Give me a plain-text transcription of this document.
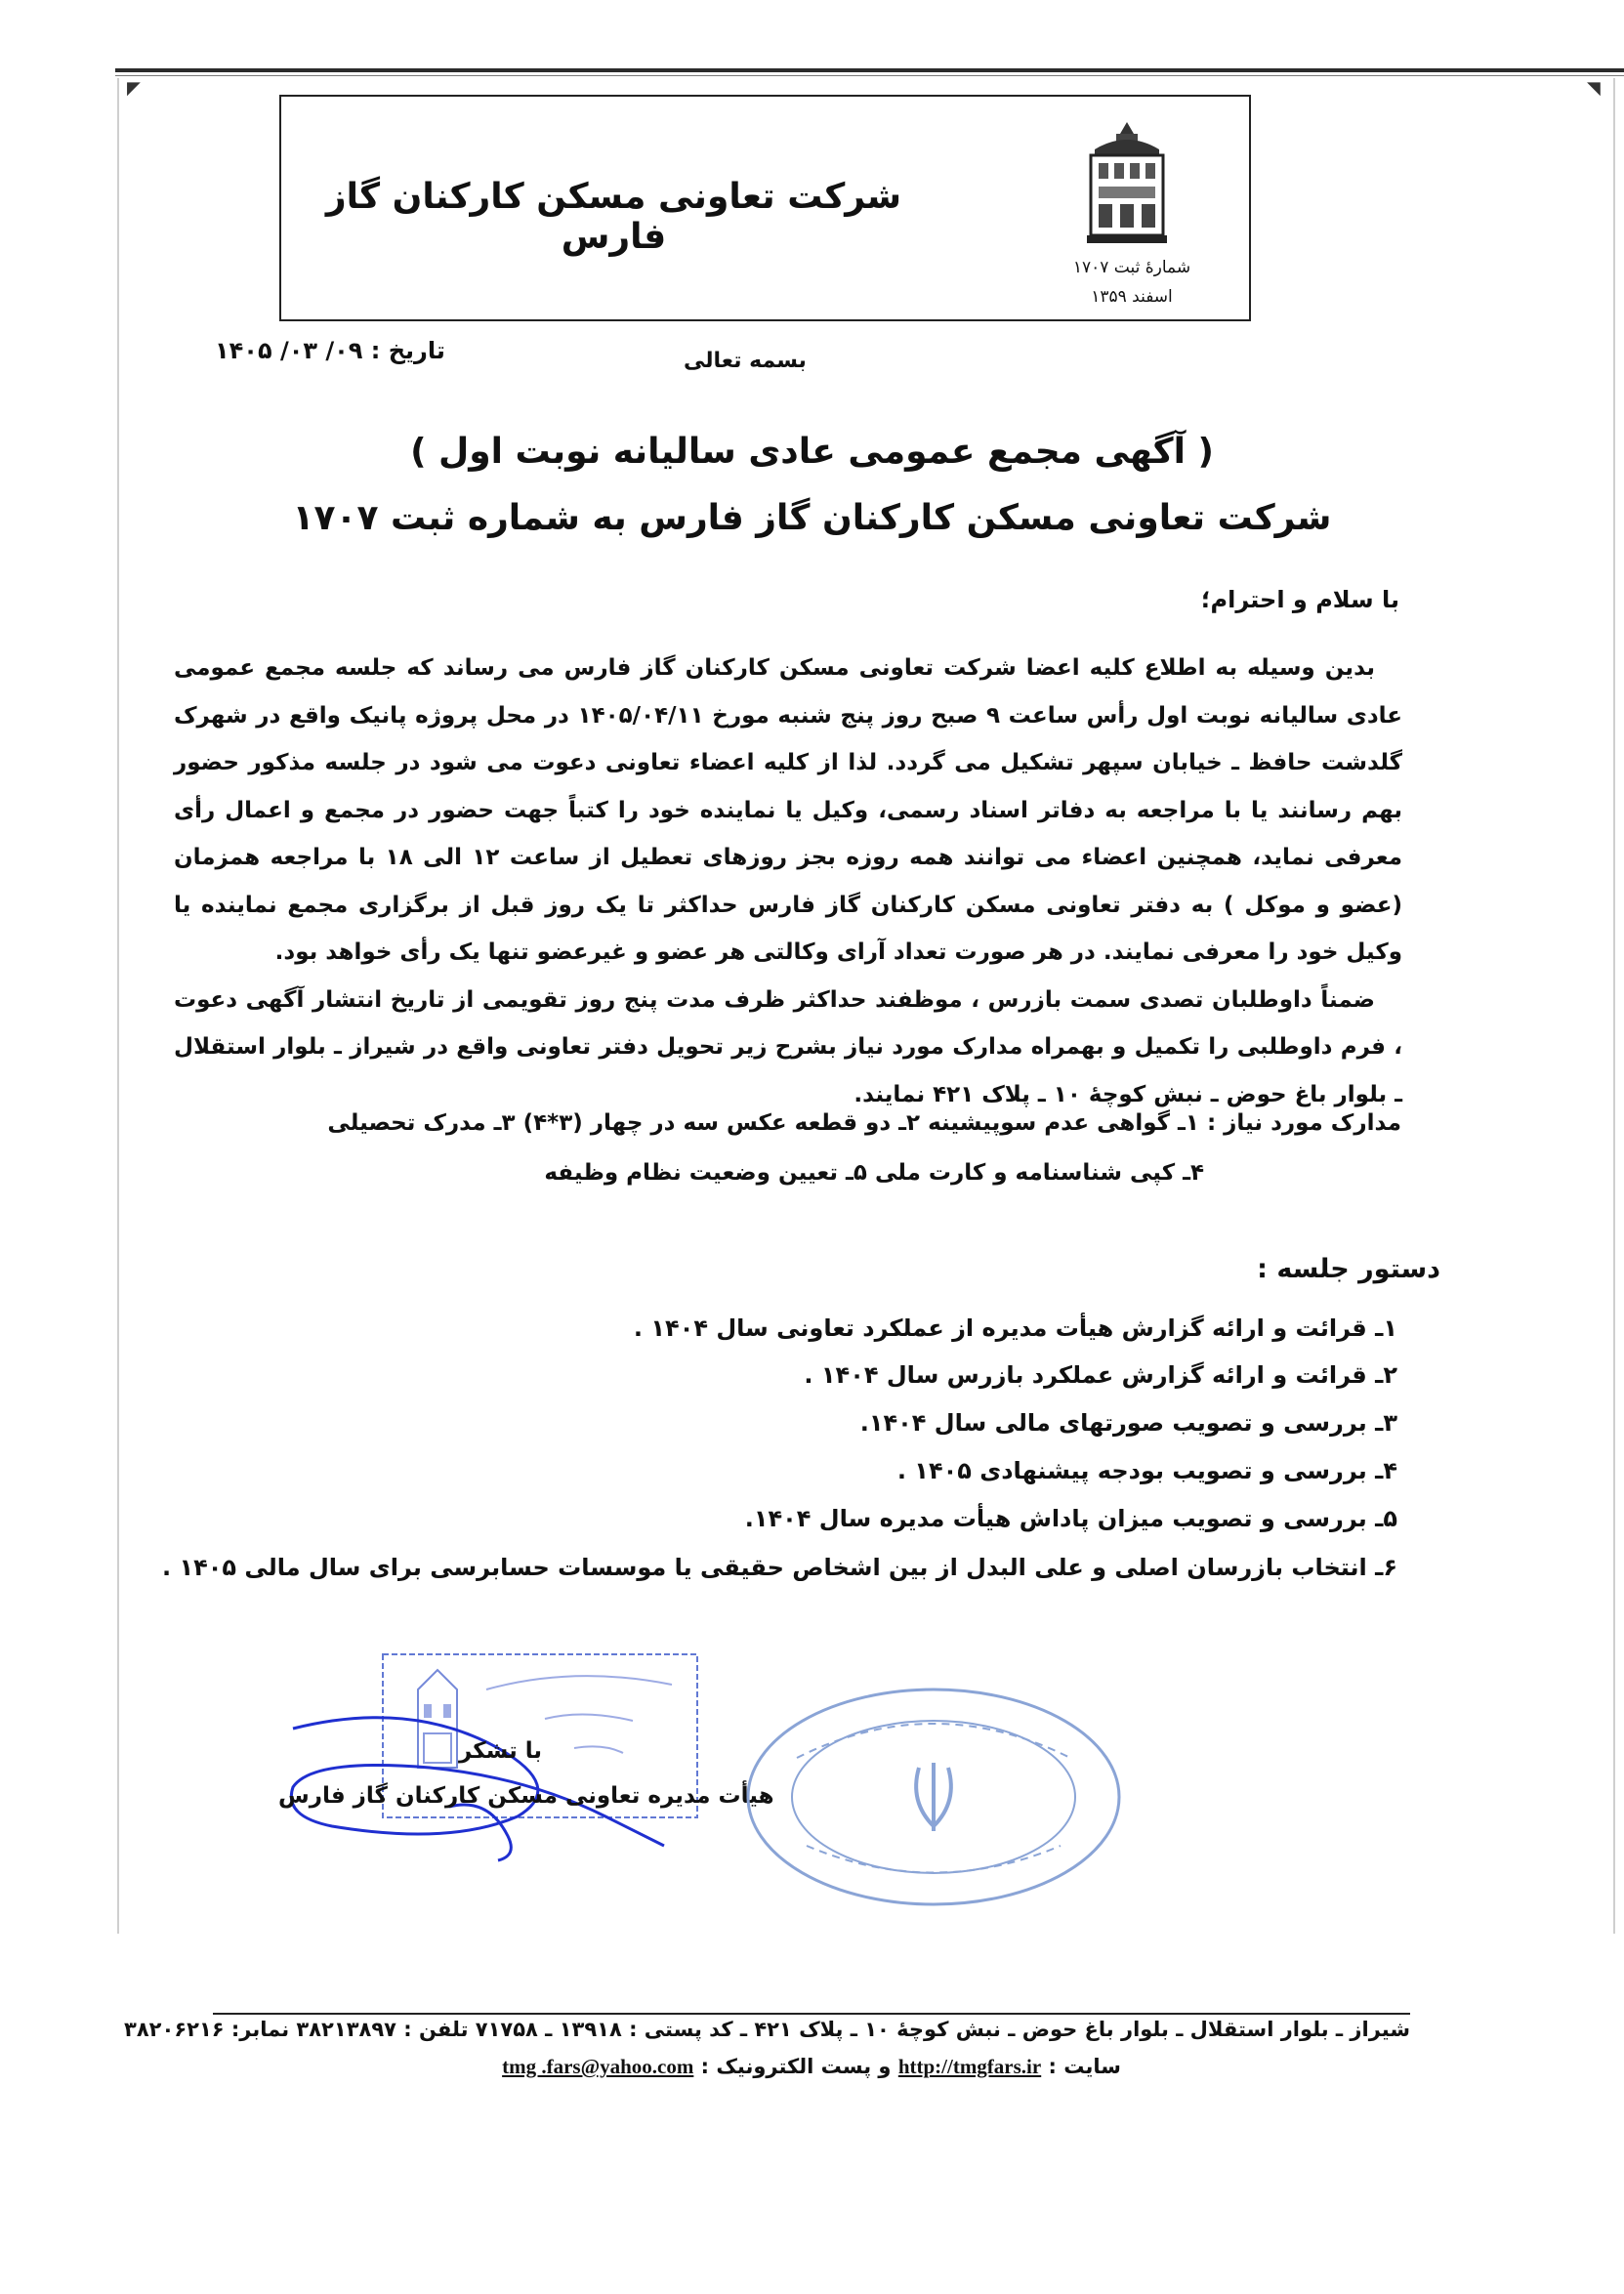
◤	◥
شرکت تعاونی مسکن کارکنان گاز فارس
شمارۀ ثبت ۱۷۰۷
اسفند ۱۳۵۹
تاریخ : ۰۹/ ۰۳/ ۱۴۰۵	بسمه تعالی
( آگهی مجمع عمومی عادی سالیانه نوبت اول )
شرکت تعاونی مسکن کارکنان گاز فارس به شماره ثبت ۱۷۰۷
با سلام و احترام؛

بدین وسیله به اطلاع کلیه اعضا شرکت تعاونی مسکن کارکنان گاز فارس می رساند که جلسه مجمع عمومی عادی سالیانه نوبت اول رأس ساعت ۹ صبح روز پنج شنبه مورخ ۱۴۰۵/۰۴/۱۱ در محل پروژه پانیک واقع در شهرک گلدشت حافظ ـ خیابان سپهر تشکیل می گردد. لذا از کلیه اعضاء تعاونی دعوت می شود در جلسه مذکور حضور بهم رسانند یا با مراجعه به دفاتر اسناد رسمی، وکیل یا نماینده خود را کتباً جهت حضور در مجمع و اعمال رأی معرفی نماید، همچنین اعضاء می توانند همه روزه بجز روزهای تعطیل از ساعت ۱۲ الی ۱۸ با مراجعه همزمان (عضو و موکل ) به دفتر تعاونی مسکن کارکنان گاز فارس حداکثر تا یک روز قبل از برگزاری مجمع نماینده یا وکیل خود را معرفی نمایند. در هر صورت تعداد آرای وکالتی هر عضو و غیرعضو تنها یک رأی خواهد بود.

ضمناً داوطلبان تصدی سمت بازرس ، موظفند حداکثر ظرف مدت پنج روز تقویمی از تاریخ انتشار آگهی دعوت ، فرم داوطلبی را تکمیل و بهمراه مدارک مورد نیاز بشرح زیر تحویل دفتر تعاونی واقع در شیراز ـ بلوار استقلال ـ بلوار باغ حوض ـ نبش کوچۀ ۱۰ ـ پلاک ۴۲۱ نمایند.

مدارک مورد نیاز : ۱ـ گواهی عدم سوپیشینه ۲ـ دو قطعه عکس سه در چهار (۳*۴) ۳ـ مدرک تحصیلی
۴ـ کپی شناسنامه و کارت ملی ۵ـ تعیین وضعیت نظام وظیفه
دستور جلسه :
۱ـ قرائت و ارائه گزارش هیأت مدیره از عملکرد تعاونی سال ۱۴۰۴ .
۲ـ قرائت و ارائه گزارش عملکرد بازرس سال ۱۴۰۴ .
۳ـ بررسی و تصویب صورتهای مالی سال ۱۴۰۴.
۴ـ بررسی و تصویب بودجه پیشنهادی ۱۴۰۵ .
۵ـ بررسی و تصویب میزان پاداش هیأت مدیره سال ۱۴۰۴.
۶ـ انتخاب بازرسان اصلی و علی البدل از بین اشخاص حقیقی یا موسسات حسابرسی برای سال مالی ۱۴۰۵ .
با تشکر
هیأت مدیره تعاونی مسکن کارکنان گاز فارس
شیراز ـ بلوار استقلال ـ بلوار باغ حوض ـ نبش کوچۀ ۱۰ ـ پلاک ۴۲۱ ـ کد پستی : ۱۳۹۱۸ ـ ۷۱۷۵۸ تلفن : ۳۸۲۱۳۸۹۷ نمابر: ۳۸۲۰۶۲۱۶
سایت : http://tmgfars.ir و پست الکترونیک : tmg .fars@yahoo.com
